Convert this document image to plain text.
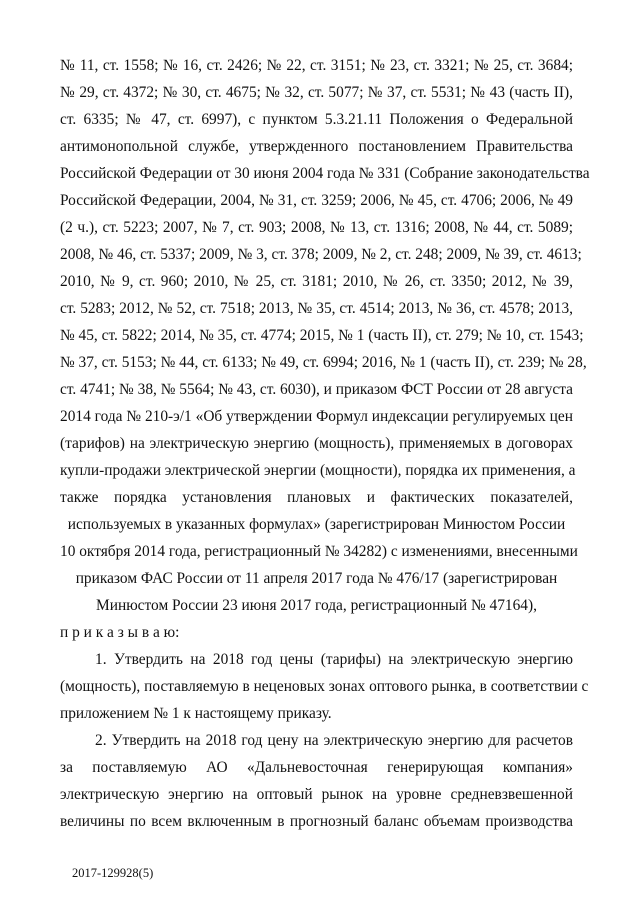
№ 11, ст. 1558; № 16, ст. 2426; № 22, ст. 3151; № 23, ст. 3321; № 25, ст. 3684;
№ 29, ст. 4372; № 30, ст. 4675; № 32, ст. 5077; № 37, ст. 5531; № 43 (часть II),
ст. 6335; № 47, ст. 6997), с пунктом 5.3.21.11 Положения о Федеральной
антимонопольной службе, утвержденного постановлением Правительства
Российской Федерации от 30 июня 2004 года № 331 (Собрание законодательства
Российской Федерации, 2004, № 31, ст. 3259; 2006, № 45, ст. 4706; 2006, № 49
(2 ч.), ст. 5223; 2007, № 7, ст. 903; 2008, № 13, ст. 1316; 2008, № 44, ст. 5089;
2008, № 46, ст. 5337; 2009, № 3, ст. 378; 2009, № 2, ст. 248; 2009, № 39, ст. 4613;
2010, № 9, ст. 960; 2010, № 25, ст. 3181; 2010, № 26, ст. 3350; 2012, № 39,
ст. 5283; 2012, № 52, ст. 7518; 2013, № 35, ст. 4514; 2013, № 36, ст. 4578; 2013,
№ 45, ст. 5822; 2014, № 35, ст. 4774; 2015, № 1 (часть II), ст. 279; № 10, ст. 1543;
№ 37, ст. 5153; № 44, ст. 6133; № 49, ст. 6994; 2016, № 1 (часть II), ст. 239; № 28,
ст. 4741; № 38, № 5564; № 43, ст. 6030), и приказом ФСТ России от 28 августа
2014 года № 210-э/1 «Об утверждении Формул индексации регулируемых цен
(тарифов) на электрическую энергию (мощность), применяемых в договорах
купли-продажи электрической энергии (мощности), порядка их применения, а
также порядка установления плановых и фактических показателей,
используемых в указанных формулах» (зарегистрирован Минюстом России
10 октября 2014 года, регистрационный № 34282) с изменениями, внесенными
приказом ФАС России от 11 апреля 2017 года № 476/17 (зарегистрирован
Минюстом России 23 июня 2017 года, регистрационный № 47164),
п р и к а з ы в а ю:
1. Утвердить на 2018 год цены (тарифы) на электрическую энергию
(мощность), поставляемую в неценовых зонах оптового рынка, в соответствии с
приложением № 1 к настоящему приказу.
2. Утвердить на 2018 год цену на электрическую энергию для расчетов
за поставляемую АО «Дальневосточная генерирующая компания»
электрическую энергию на оптовый рынок на уровне средневзвешенной
величины по всем включенным в прогнозный баланс объемам производства
2017-129928(5)
